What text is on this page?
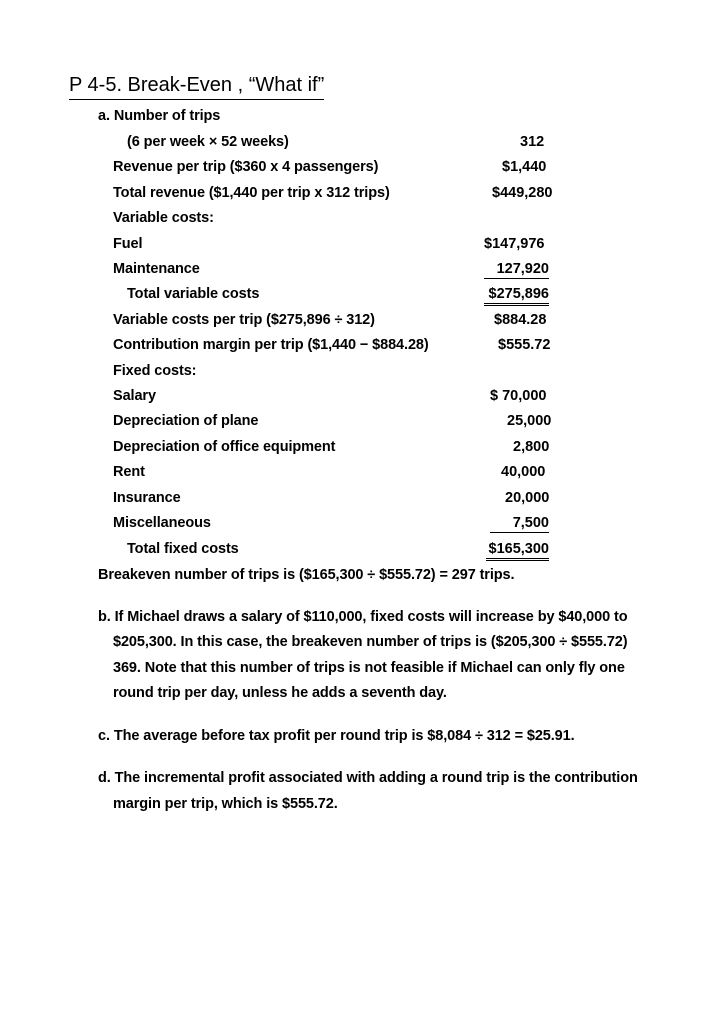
P 4-5. Break-Even , “What if”
a. Number of trips
(6 per week × 52 weeks)
Revenue per trip ($360 x 4 passengers)
Total revenue ($1,440 per trip x 312 trips)
Variable costs:
Fuel
Maintenance
Total variable costs
Variable costs per trip ($275,896 ÷ 312)
Contribution margin per trip ($1,440 − $884.28)
Fixed costs:
Salary
Depreciation of plane
Depreciation of office equipment
Rent
Insurance
Miscellaneous
Total fixed costs
312
$1,440
$449,280
$147,976
127,920
$275,896
$884.28
$555.72
$ 70,000
25,000
2,800
40,000
20,000
7,500
$165,300
Breakeven number of trips is ($165,300 ÷ $555.72) = 297 trips.
b. If Michael draws a salary of $110,000, fixed costs will increase by $40,000 to
$205,300. In this case, the breakeven number of trips is ($205,300 ÷ $555.72)
369. Note that this number of trips is not feasible if Michael can only fly one
round trip per day, unless he adds a seventh day.
c. The average before tax profit per round trip is $8,084 ÷ 312 = $25.91.
d. The incremental profit associated with adding a round trip is the contribution
margin per trip, which is $555.72.
